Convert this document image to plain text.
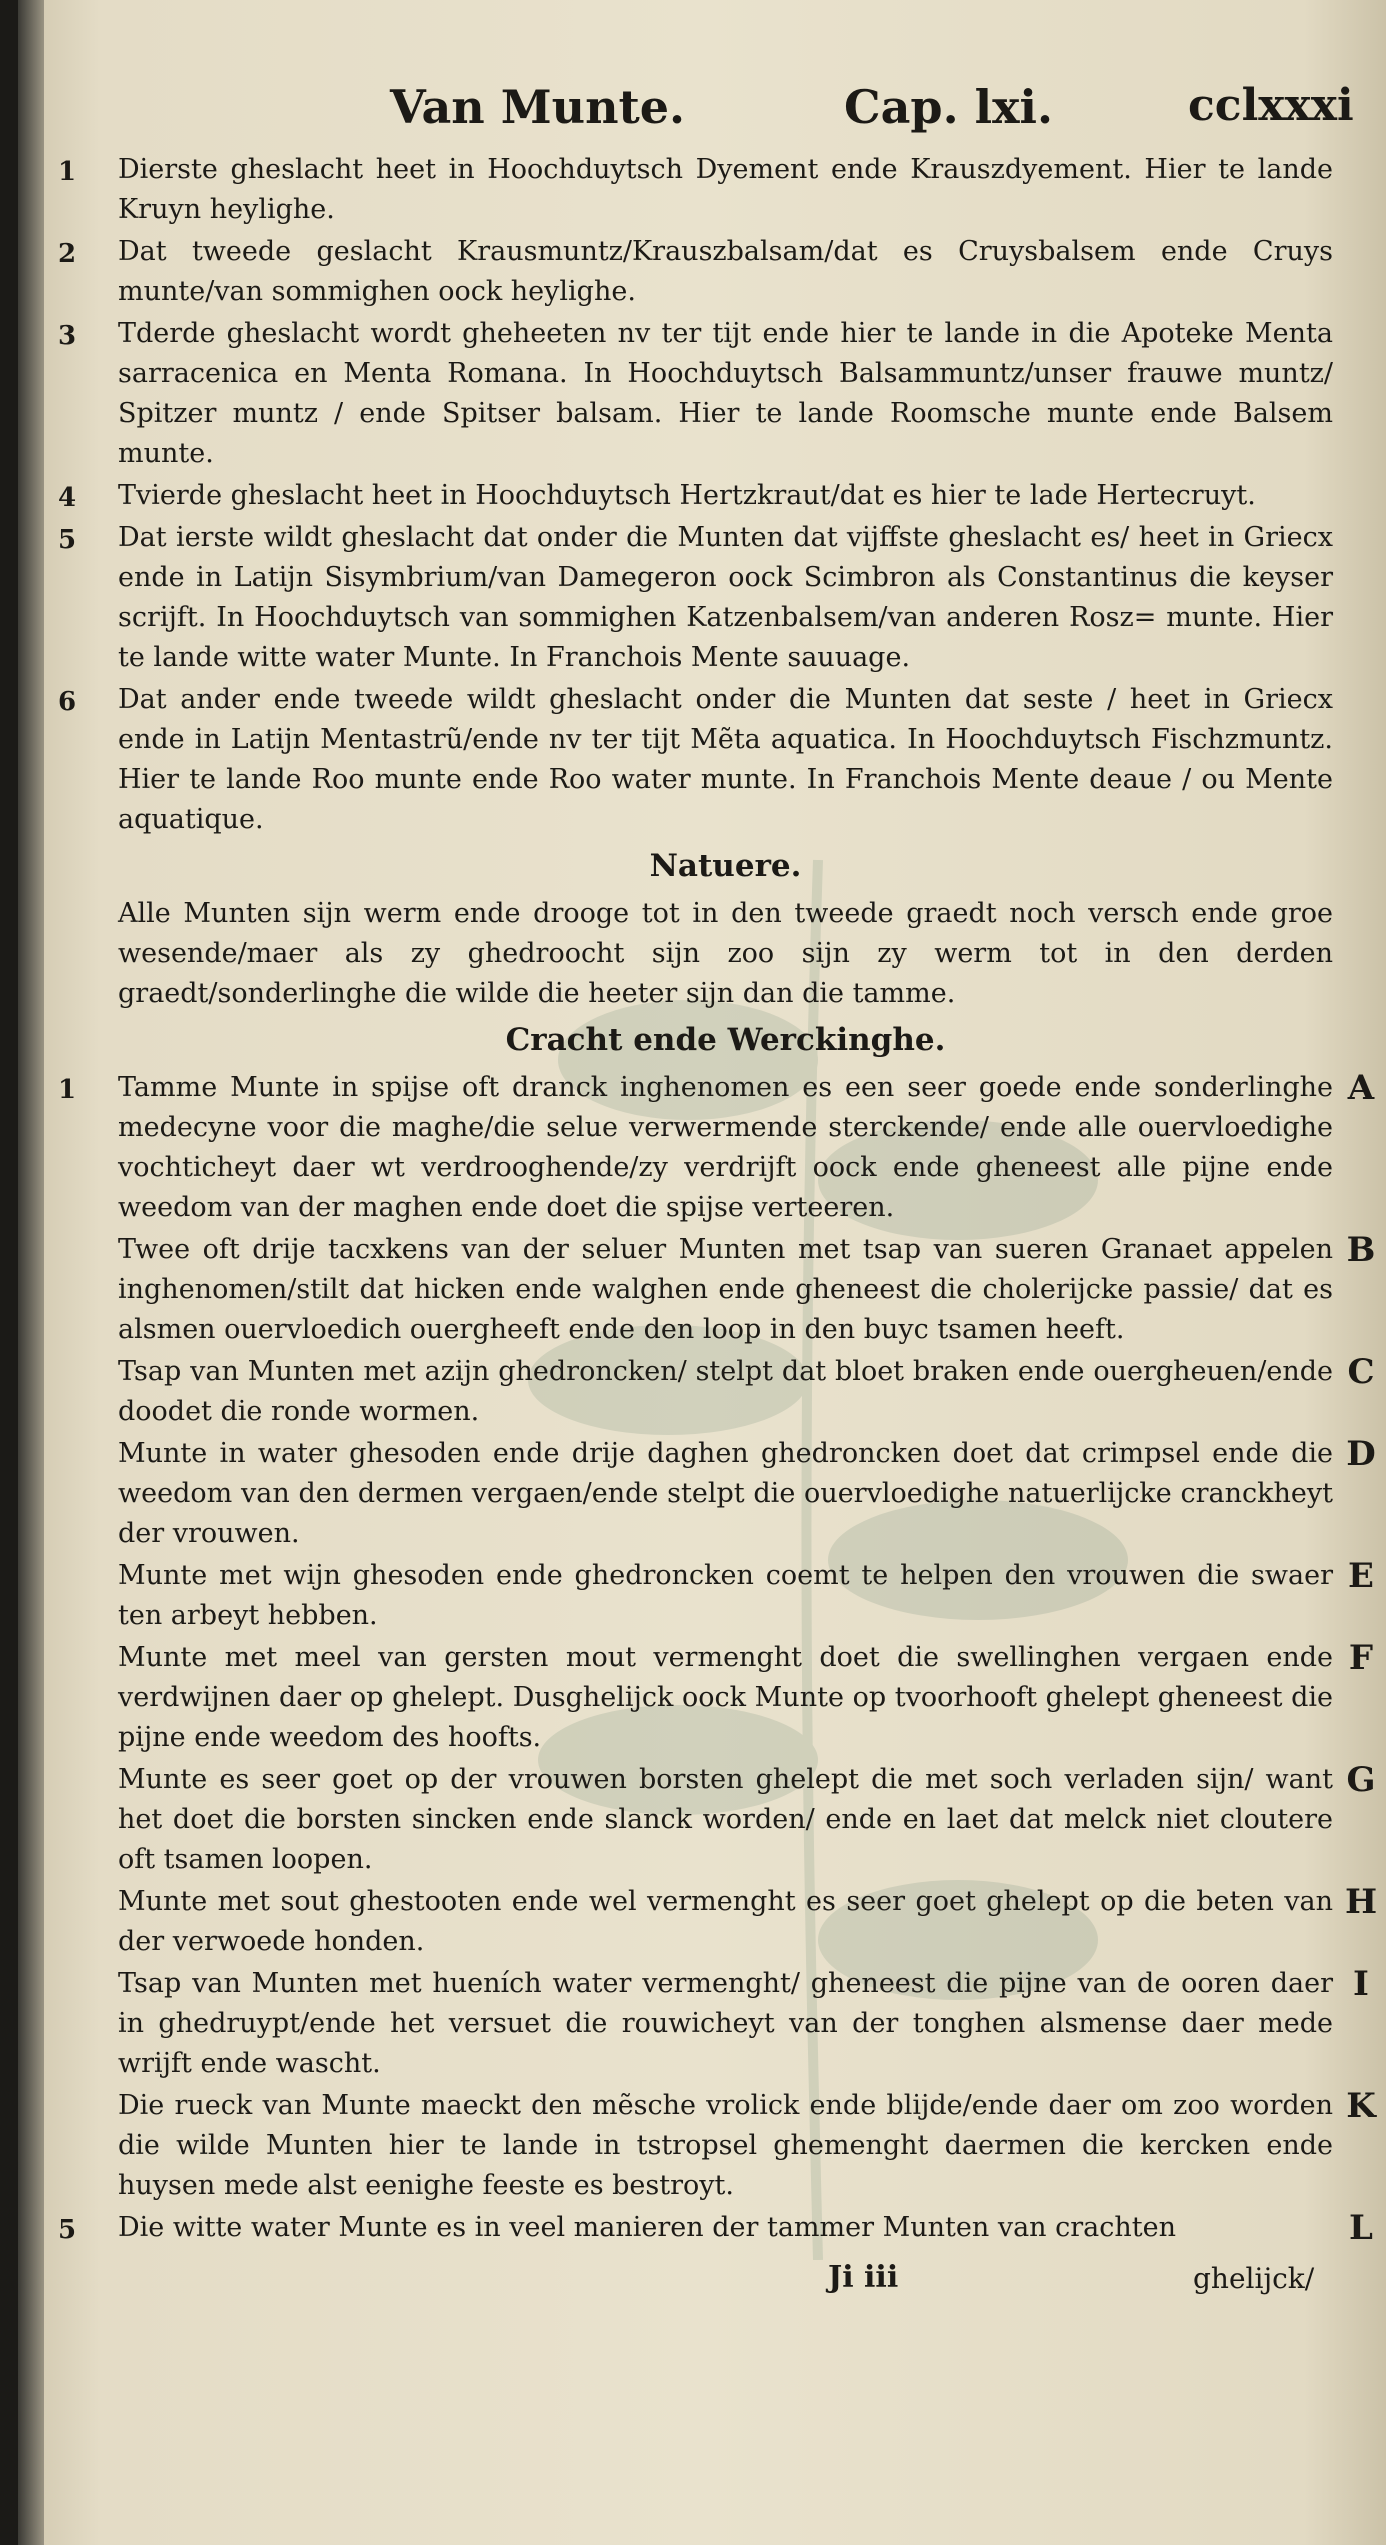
Van Munte.	Cap. lxi.	cclxxxi
1	Dierste gheslacht heet in Hoochduytsch Dyement ende Krauszdyement. Hier te lande Kruyn heylighe.
2	Dat tweede geslacht Krausmuntz/Krauszbalsam/dat es Cruysbalsem ende Cruys munte/van sommighen oock heylighe.
3	Tderde gheslacht wordt gheheeten nv ter tijt ende hier te lande in die Apoteke Menta sarracenica en Menta Romana. In Hoochduytsch Balsammuntz/unser frauwe muntz/ Spitzer muntz / ende Spitser balsam. Hier te lande Roomsche munte ende Balsem munte.
4	Tvierde gheslacht heet in Hoochduytsch Hertzkraut/dat es hier te lade Hertecruyt.
5	Dat ierste wildt gheslacht dat onder die Munten dat vijffste gheslacht es/ heet in Griecx ende in Latijn Sisymbrium/van Damegeron oock Scimbron als Constantinus die keyser scrijft. In Hoochduytsch van sommighen Katzenbalsem/van anderen Rosz= munte. Hier te lande witte water Munte. In Franchois Mente sauuage.
6	Dat ander ende tweede wildt gheslacht onder die Munten dat seste / heet in Griecx ende in Latijn Mentastrũ/ende nv ter tijt Mẽta aquatica. In Hoochduytsch Fischzmuntz. Hier te lande Roo munte ende Roo water munte. In Franchois Mente deaue / ou Mente aquatique.
Natuere.
Alle Munten sijn werm ende drooge tot in den tweede graedt noch versch ende groe wesende/maer als zy ghedroocht sijn zoo sijn zy werm tot in den derden graedt/sonderlinghe die wilde die heeter sijn dan die tamme.
Cracht ende Werckinghe.
1	Tamme Munte in spijse oft dranck inghenomen es een seer goede ende sonderlinghe medecyne voor die maghe/die selue verwermende sterckende/ ende alle ouervloedighe vochticheyt daer wt verdrooghende/zy verdrijft oock ende gheneest alle pijne ende weedom van der maghen ende doet die spijse verteeren.
A
Twee oft drije tacxkens van der seluer Munten met tsap van sueren Granaet appelen inghenomen/stilt dat hicken ende walghen ende gheneest die cholerijcke passie/ dat es alsmen ouervloedich ouergheeft ende den loop in den buyc tsamen heeft.
B
Tsap van Munten met azijn ghedroncken/ stelpt dat bloet braken ende ouergheuen/ende doodet die ronde wormen.
C
Munte in water ghesoden ende drije daghen ghedroncken doet dat crimpsel ende die weedom van den dermen vergaen/ende stelpt die ouervloedighe natuerlijcke cranckheyt der vrouwen.
D
Munte met wijn ghesoden ende ghedroncken coemt te helpen den vrouwen die swaer ten arbeyt hebben.
E
Munte met meel van gersten mout vermenght doet die swellinghen vergaen ende verdwijnen daer op ghelept. Dusghelijck oock Munte op tvoorhooft ghelept gheneest die pijne ende weedom des hoofts.
F
Munte es seer goet op der vrouwen borsten ghelept die met soch verladen sijn/ want het doet die borsten sincken ende slanck worden/ ende en laet dat melck niet cloutere oft tsamen loopen.
G
Munte met sout ghestooten ende wel vermenght es seer goet ghelept op die beten van der verwoede honden.
H
Tsap van Munten met hueních water vermenght/ gheneest die pijne van de ooren daer in ghedruypt/ende het versuet die rouwicheyt van der tonghen alsmense daer mede wrijft ende wascht.
I
Die rueck van Munte maeckt den mẽsche vrolick ende blijde/ende daer om zoo worden die wilde Munten hier te lande in tstropsel ghemenght daermen die kercken ende huysen mede alst eenighe feeste es bestroyt.
K
5	Die witte water Munte es in veel manieren der tammer Munten van crachten	L
Ji iii	ghelijck/
